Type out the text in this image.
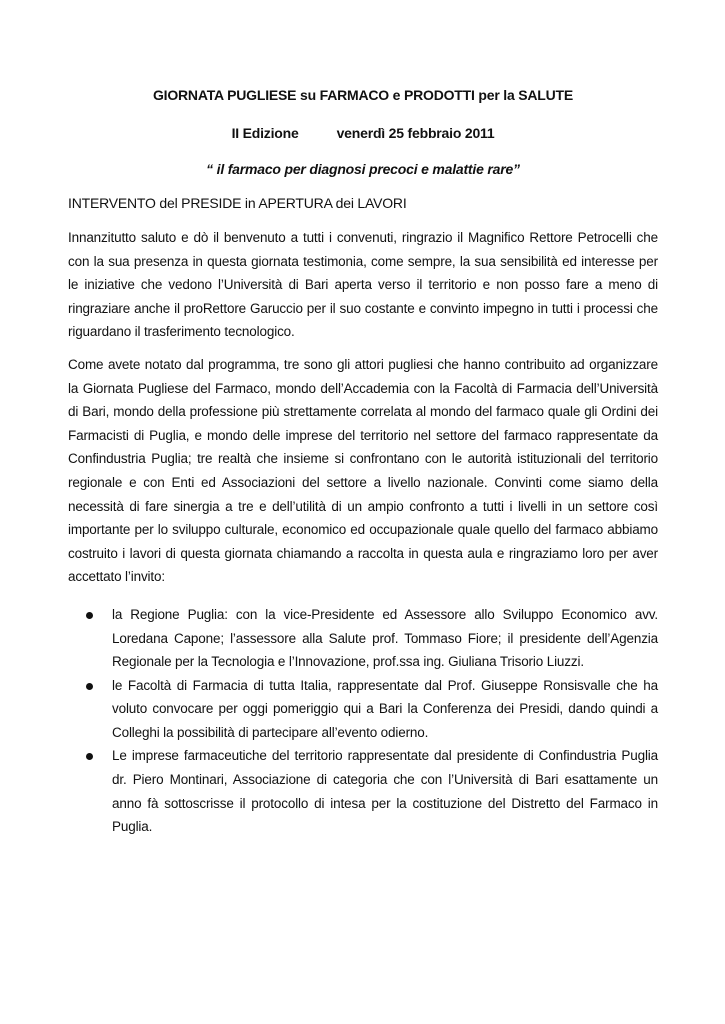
GIORNATA PUGLIESE su FARMACO e PRODOTTI per la SALUTE
II Edizione	venerdì 25 febbraio 2011
“ il farmaco per diagnosi precoci e malattie rare”
INTERVENTO del PRESIDE in APERTURA dei LAVORI

Innanzitutto saluto e dò il benvenuto a tutti i convenuti, ringrazio il Magnifico Rettore Petrocelli che con la sua presenza in questa giornata testimonia, come sempre, la sua sensibilità ed interesse per le iniziative che vedono l’Università di Bari aperta verso il territorio e non posso fare a meno di ringraziare anche il proRettore Garuccio per il suo costante e convinto impegno in tutti i processi che riguardano il trasferimento tecnologico.

Come avete notato dal programma, tre sono gli attori pugliesi che hanno contribuito ad organizzare la Giornata Pugliese del Farmaco, mondo dell’Accademia con la Facoltà di Farmacia dell’Università di Bari, mondo della professione più strettamente correlata al mondo del farmaco quale gli Ordini dei Farmacisti di Puglia, e mondo delle imprese del territorio nel settore del farmaco rappresentate da Confindustria Puglia; tre realtà che insieme si confrontano con le autorità istituzionali del territorio regionale e con Enti ed Associazioni del settore a livello nazionale. Convinti come siamo della necessità di fare sinergia a tre e dell’utilità di un ampio confronto a tutti i livelli in un settore così importante per lo sviluppo culturale, economico ed occupazionale quale quello del farmaco abbiamo costruito i lavori di questa giornata chiamando a raccolta in questa aula e ringraziamo loro per aver accettato l’invito:

la Regione Puglia: con la vice-Presidente ed Assessore allo Sviluppo Economico avv. Loredana Capone; l’assessore alla Salute prof. Tommaso Fiore; il presidente dell’Agenzia Regionale per la Tecnologia e l’Innovazione, prof.ssa ing. Giuliana Trisorio Liuzzi.
le Facoltà di Farmacia di tutta Italia, rappresentate dal Prof. Giuseppe Ronsisvalle che ha voluto convocare per oggi pomeriggio qui a Bari la Conferenza dei Presidi, dando quindi a Colleghi la possibilità di partecipare all’evento odierno.
Le imprese farmaceutiche del territorio rappresentate dal presidente di Confindustria Puglia dr. Piero Montinari, Associazione di categoria che con l’Università di Bari esattamente un anno fà sottoscrisse il protocollo di intesa per la costituzione del Distretto del Farmaco in Puglia.
